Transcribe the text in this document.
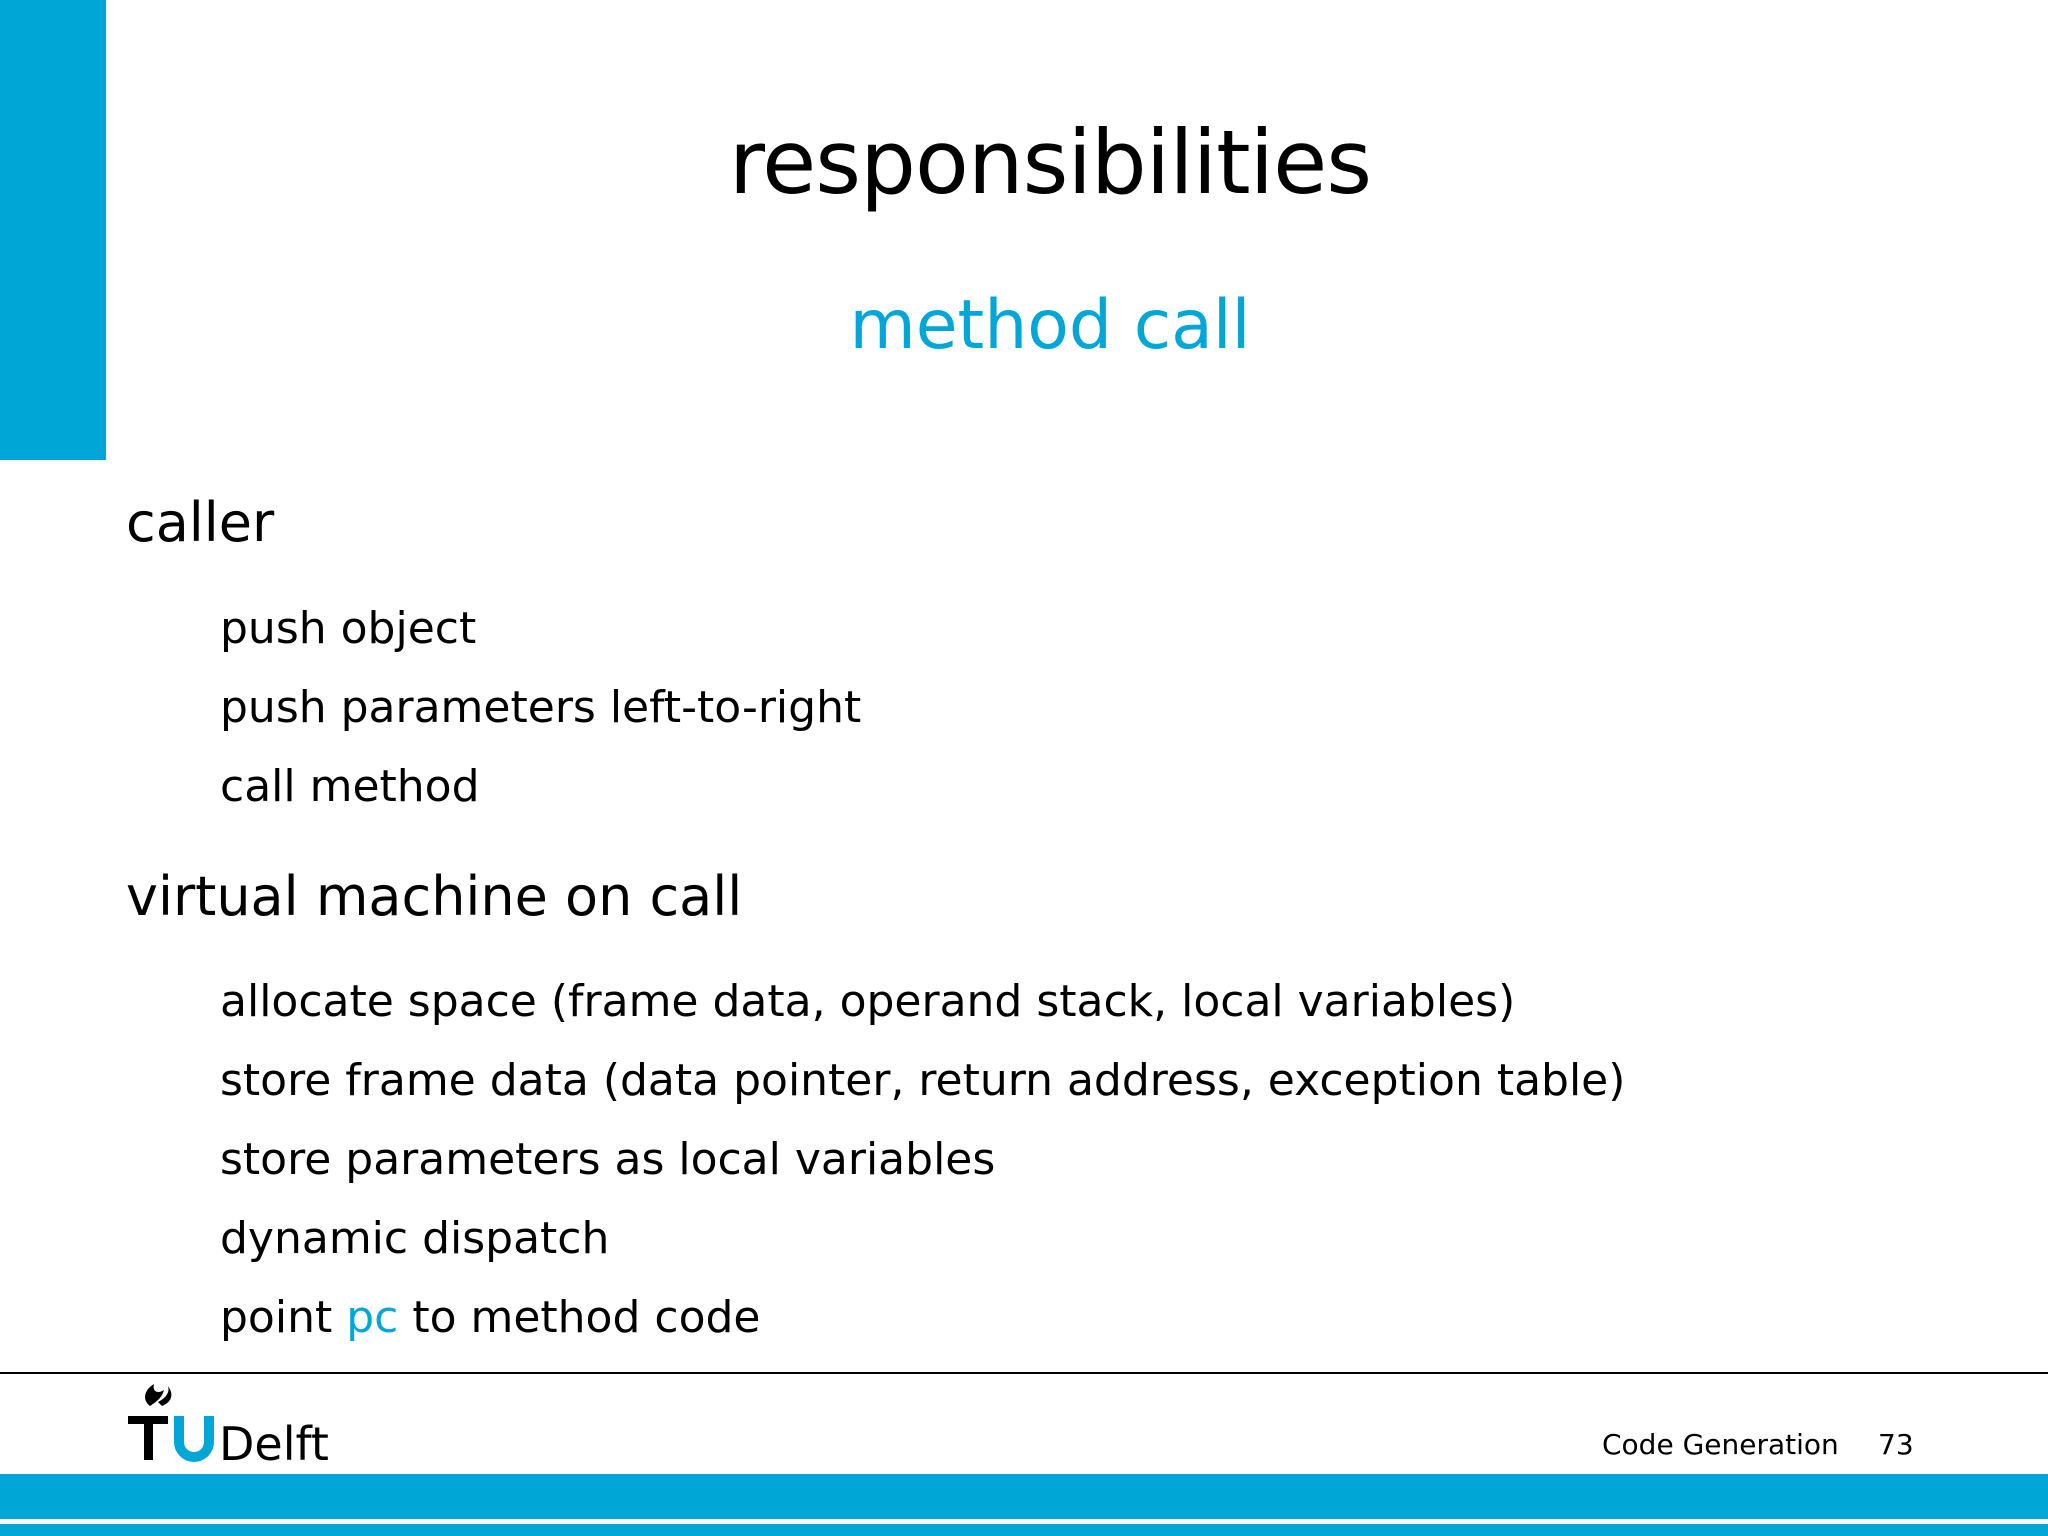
responsibilities
method call
caller
push object
push parameters left-to-right
call method
virtual machine on call
allocate space (frame data, operand stack, local variables)
store frame data (data pointer, return address, exception table)
store parameters as local variables
dynamic dispatch
point pc to method code
Delft	Code Generation 73
